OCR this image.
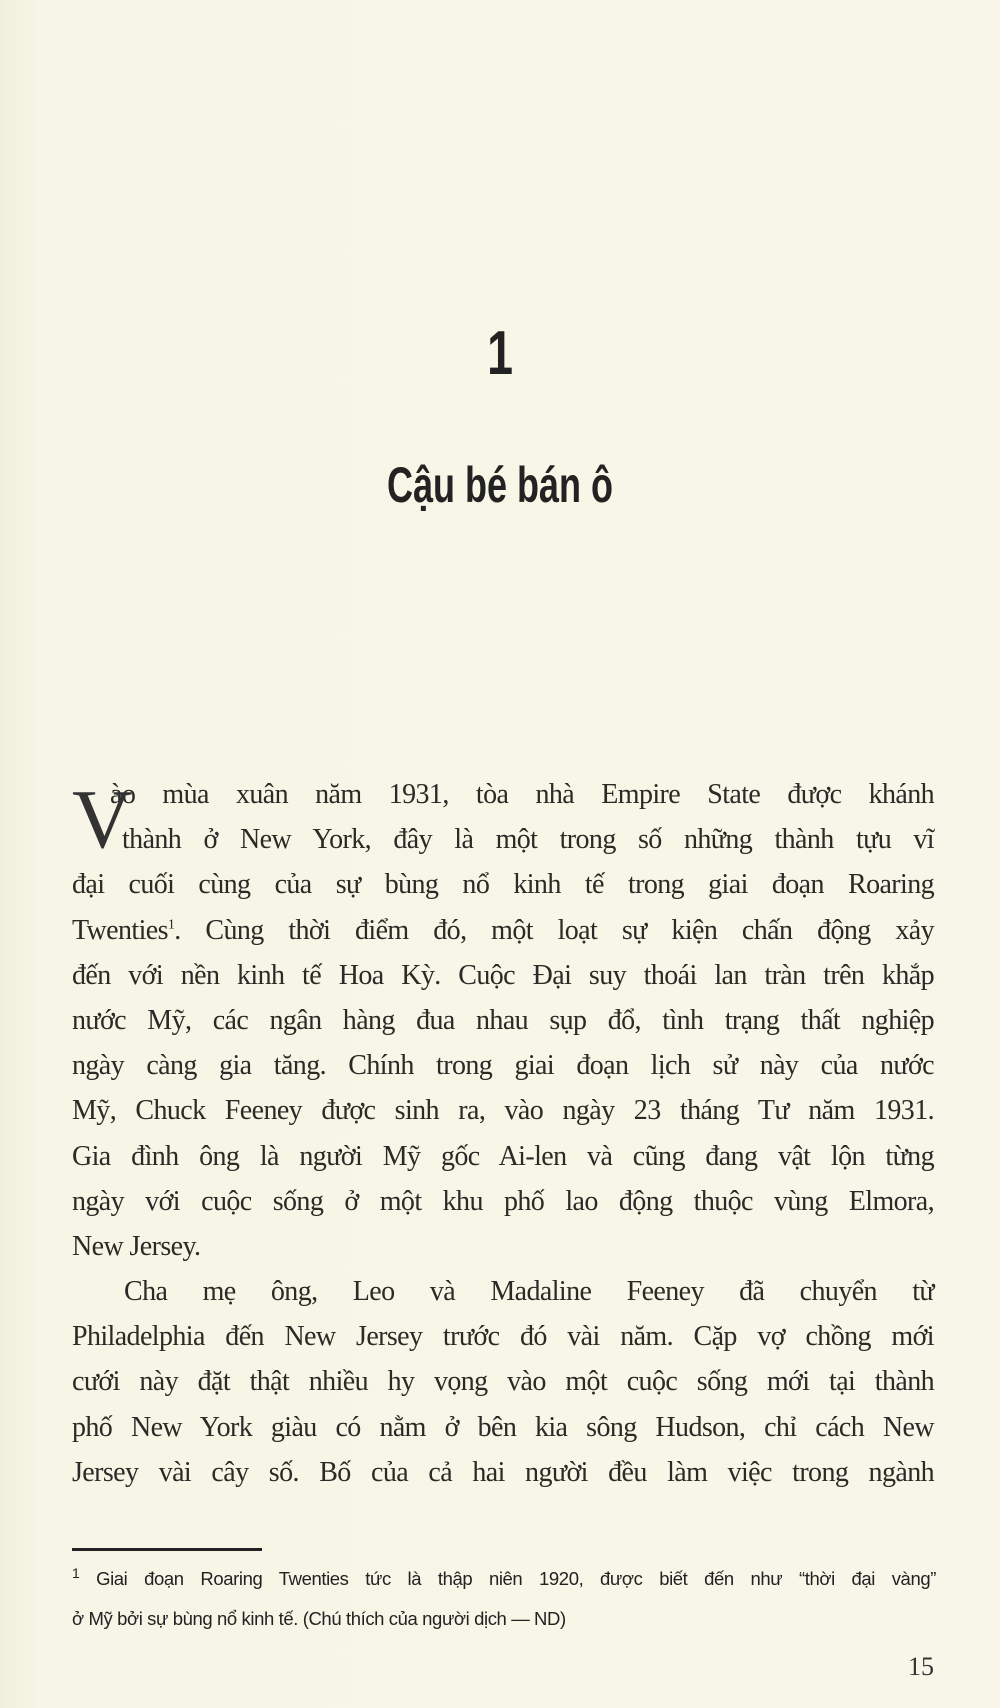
1
Cậu bé bán ô
V
ào mùa xuân năm 1931, tòa nhà Empire State được khánh
thành ở New York, đây là một trong số những thành tựu vĩ
đại cuối cùng của sự bùng nổ kinh tế trong giai đoạn Roaring
Twenties$^1$. Cùng thời điểm đó, một loạt sự kiện chấn động xảy
đến với nền kinh tế Hoa Kỳ. Cuộc Đại suy thoái lan tràn trên khắp
nước Mỹ, các ngân hàng đua nhau sụp đổ, tình trạng thất nghiệp
ngày càng gia tăng. Chính trong giai đoạn lịch sử này của nước
Mỹ, Chuck Feeney được sinh ra, vào ngày 23 tháng Tư năm 1931.
Gia đình ông là người Mỹ gốc Ai-len và cũng đang vật lộn từng
ngày với cuộc sống ở một khu phố lao động thuộc vùng Elmora,
New Jersey.
Cha mẹ ông, Leo và Madaline Feeney đã chuyển từ
Philadelphia đến New Jersey trước đó vài năm. Cặp vợ chồng mới
cưới này đặt thật nhiều hy vọng vào một cuộc sống mới tại thành
phố New York giàu có nằm ở bên kia sông Hudson, chỉ cách New
Jersey vài cây số. Bố của cả hai người đều làm việc trong ngành
$^1$ Giai đoạn Roaring Twenties tức là thập niên 1920, được biết đến như “thời đại vàng”
ở Mỹ bởi sự bùng nổ kinh tế. (Chú thích của người dịch — ND)
15
